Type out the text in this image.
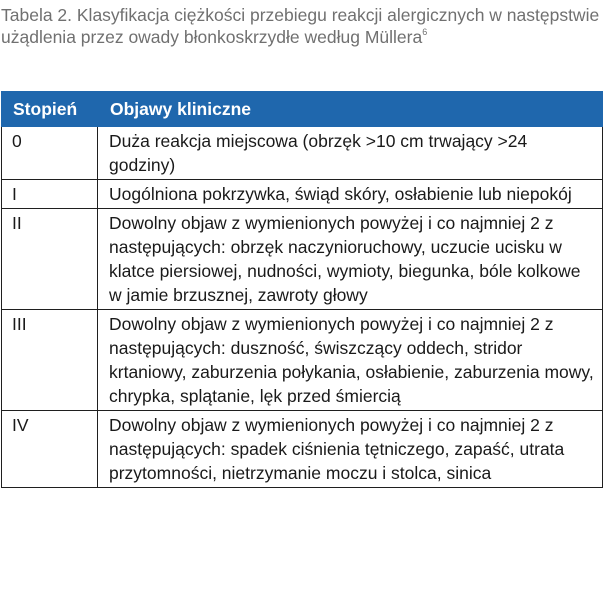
Tabela 2. Klasyfikacja ciężkości przebiegu reakcji alergicznych w następstwie użądlenia przez owady błonkoskrzydłe według Müllera$^6$
Stopień	Objawy kliniczne
0	Duża reakcja miejscowa (obrzęk >10 cm trwający >24 godziny)
I	Uogólniona pokrzywka, świąd skóry, osłabienie lub niepokój
II	Dowolny objaw z wymienionych powyżej i co najmniej 2 z następujących: obrzęk naczynioruchowy, uczucie ucisku w klatce piersiowej, nudności, wymioty, biegunka, bóle kolkowe w jamie brzusznej, zawroty głowy
III	Dowolny objaw z wymienionych powyżej i co najmniej 2 z następujących: duszność, świszczący oddech, stridor krtaniowy, zaburzenia połykania, osłabienie, zaburzenia mowy, chrypka, splątanie, lęk przed śmiercią
IV	Dowolny objaw z wymienionych powyżej i co najmniej 2 z następujących: spadek ciśnienia tętniczego, zapaść, utrata przytomności, nietrzymanie moczu i stolca, sinica
